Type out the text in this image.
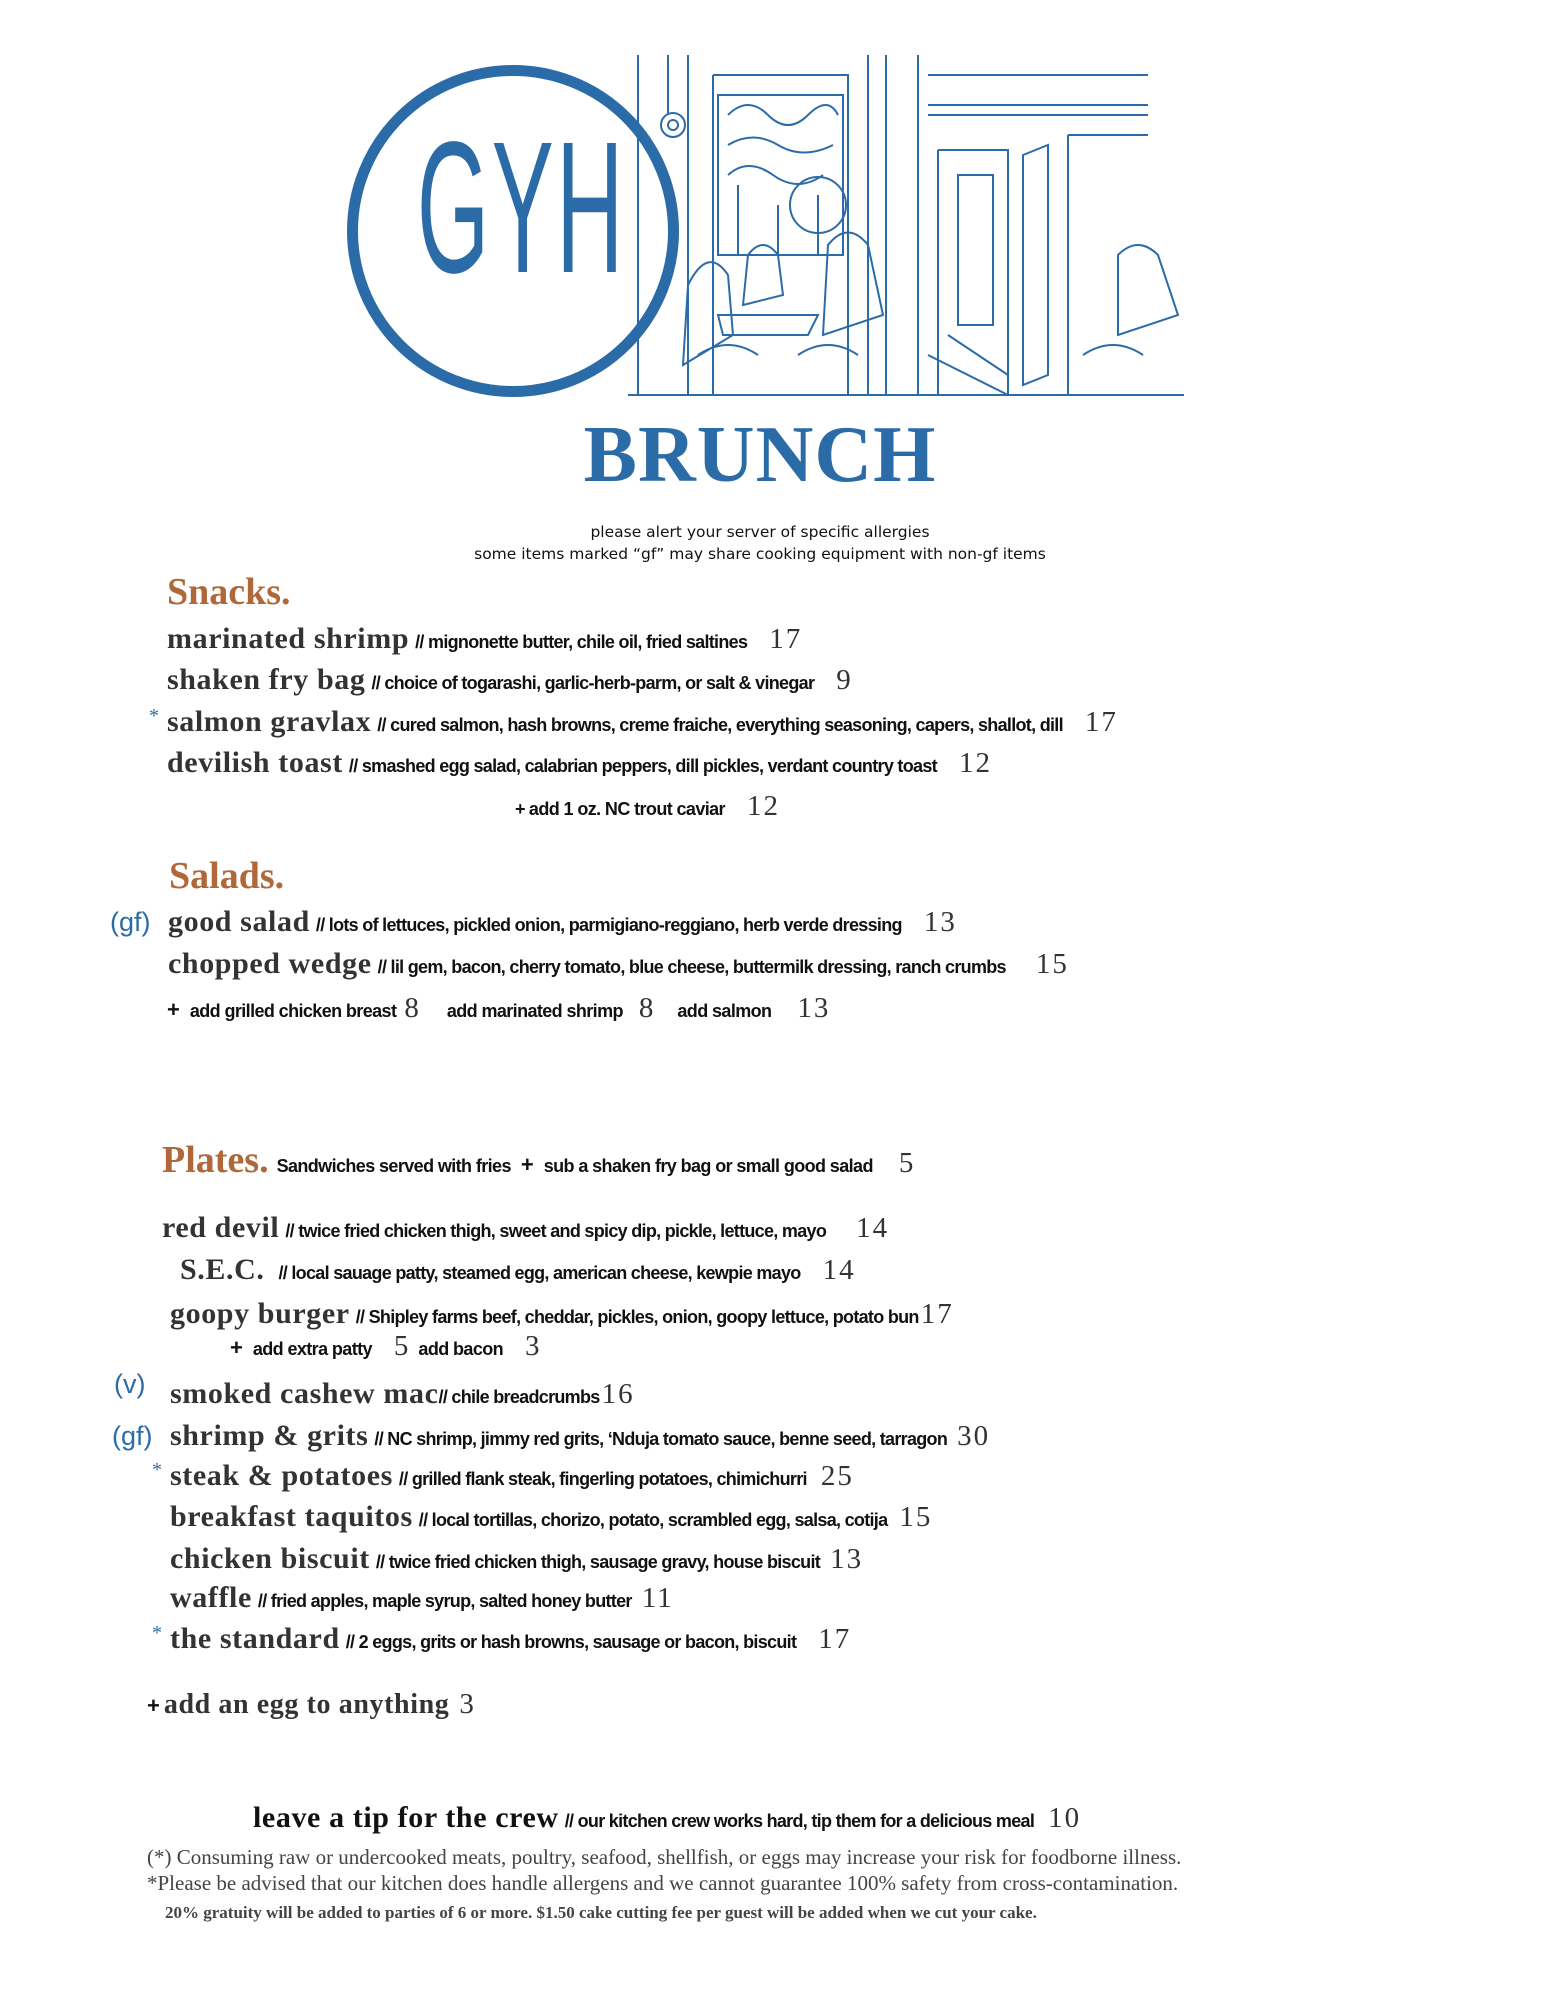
GYH
BRUNCH
please alert your server of specific allergies
some items marked “gf” may share cooking equipment with non-gf items
Snacks.
marinated shrimp // mignonette butter, chile oil, fried saltines 17
shaken fry bag // choice of togarashi, garlic-herb-parm, or salt & vinegar 9
* salmon gravlax // cured salmon, hash browns, creme fraiche, everything seasoning, capers, shallot, dill 17
devilish toast // smashed egg salad, calabrian peppers, dill pickles, verdant country toast 12
+ add 1 oz. NC trout caviar 12
Salads.
(gf) good salad // lots of lettuces, pickled onion, parmigiano-reggiano, herb verde dressing 13
chopped wedge // lil gem, bacon, cherry tomato, blue cheese, buttermilk dressing, ranch crumbs 15
+ add grilled chicken breast 8 add marinated shrimp 8 add salmon 13
Plates. Sandwiches served with fries + sub a shaken fry bag or small good salad 5
red devil // twice fried chicken thigh, sweet and spicy dip, pickle, lettuce, mayo 14
S.E.C. // local sauage patty, steamed egg, american cheese, kewpie mayo 14
goopy burger // Shipley farms beef, cheddar, pickles, onion, goopy lettuce, potato bun17
+ add extra patty 5 add bacon 3
(v) smoked cashew mac// chile breadcrumbs16
(gf) shrimp & grits // NC shrimp, jimmy red grits, ‘Nduja tomato sauce, benne seed, tarragon 30
* steak & potatoes // grilled flank steak, fingerling potatoes, chimichurri 25
breakfast taquitos // local tortillas, chorizo, potato, scrambled egg, salsa, cotija 15
chicken biscuit // twice fried chicken thigh, sausage gravy, house biscuit 13
waffle // fried apples, maple syrup, salted honey butter 11
* the standard // 2 eggs, grits or hash browns, sausage or bacon, biscuit 17
+ add an egg to anything 3
leave a tip for the crew // our kitchen crew works hard, tip them for a delicious meal 10
(*) Consuming raw or undercooked meats, poultry, seafood, shellfish, or eggs may increase your risk for foodborne illness.
*Please be advised that our kitchen does handle allergens and we cannot guarantee 100% safety from cross-contamination.
20% gratuity will be added to parties of 6 or more. $1.50 cake cutting fee per guest will be added when we cut your cake.
